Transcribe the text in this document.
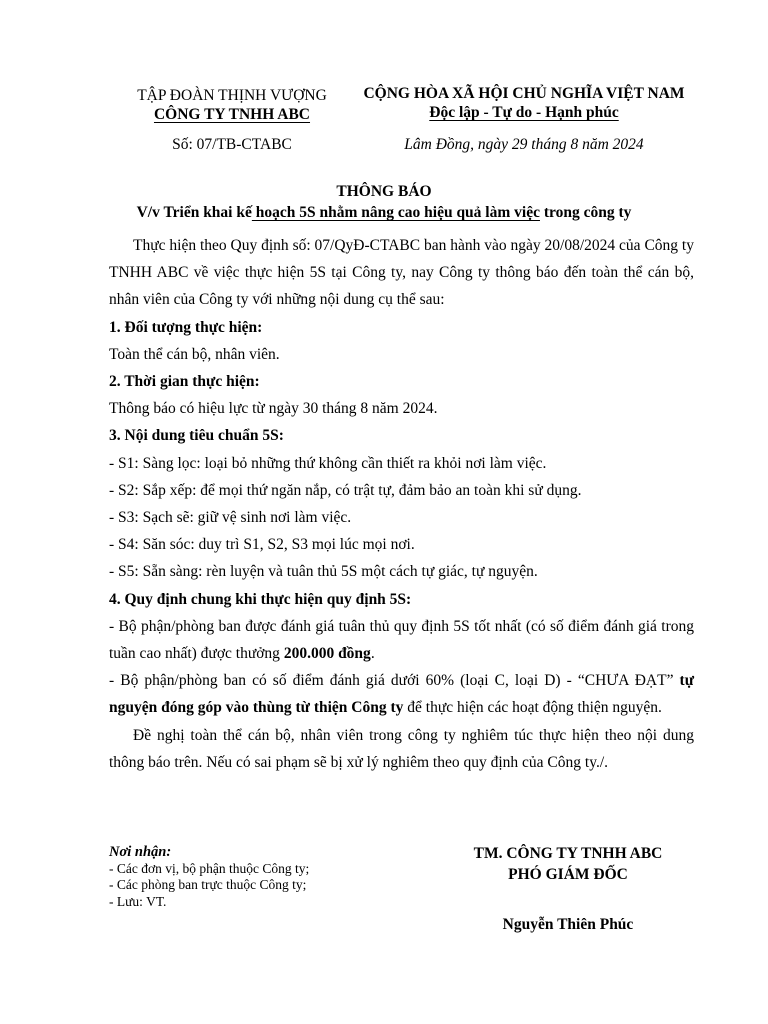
TẬP ĐOÀN THỊNH VƯỢNG
CÔNG TY TNHH ABC
CỘNG HÒA XÃ HỘI CHỦ NGHĨA VIỆT NAM
Độc lập - Tự do - Hạnh phúc
Số: 07/TB-CTABC	Lâm Đồng, ngày 29 tháng 8 năm 2024
THÔNG BÁO
V/v Triển khai kế hoạch 5S nhằm nâng cao hiệu quả làm việc trong công ty

Thực hiện theo Quy định số: 07/QyĐ-CTABC ban hành vào ngày 20/08/2024 của Công ty TNHH ABC về việc thực hiện 5S tại Công ty, nay Công ty thông báo đến toàn thể cán bộ, nhân viên của Công ty với những nội dung cụ thể sau:

1. Đối tượng thực hiện:

Toàn thể cán bộ, nhân viên.

2. Thời gian thực hiện:

Thông báo có hiệu lực từ ngày 30 tháng 8 năm 2024.

3. Nội dung tiêu chuẩn 5S:

- S1: Sàng lọc: loại bỏ những thứ không cần thiết ra khỏi nơi làm việc.

- S2: Sắp xếp: để mọi thứ ngăn nắp, có trật tự, đảm bảo an toàn khi sử dụng.

- S3: Sạch sẽ: giữ vệ sinh nơi làm việc.

- S4: Săn sóc: duy trì S1, S2, S3 mọi lúc mọi nơi.

- S5: Sẵn sàng: rèn luyện và tuân thủ 5S một cách tự giác, tự nguyện.

4. Quy định chung khi thực hiện quy định 5S:

- Bộ phận/phòng ban được đánh giá tuân thủ quy định 5S tốt nhất (có số điểm đánh giá trong tuần cao nhất) được thưởng 200.000 đồng.

- Bộ phận/phòng ban có số điểm đánh giá dưới 60% (loại C, loại D) - “CHƯA ĐẠT” tự nguyện đóng góp vào thùng từ thiện Công ty để thực hiện các hoạt động thiện nguyện.

Đề nghị toàn thể cán bộ, nhân viên trong công ty nghiêm túc thực hiện theo nội dung thông báo trên. Nếu có sai phạm sẽ bị xử lý nghiêm theo quy định của Công ty./.

Nơi nhận:
- Các đơn vị, bộ phận thuộc Công ty;
- Các phòng ban trực thuộc Công ty;
- Lưu: VT.
TM. CÔNG TY TNHH ABC
PHÓ GIÁM ĐỐC
Nguyễn Thiên Phúc
